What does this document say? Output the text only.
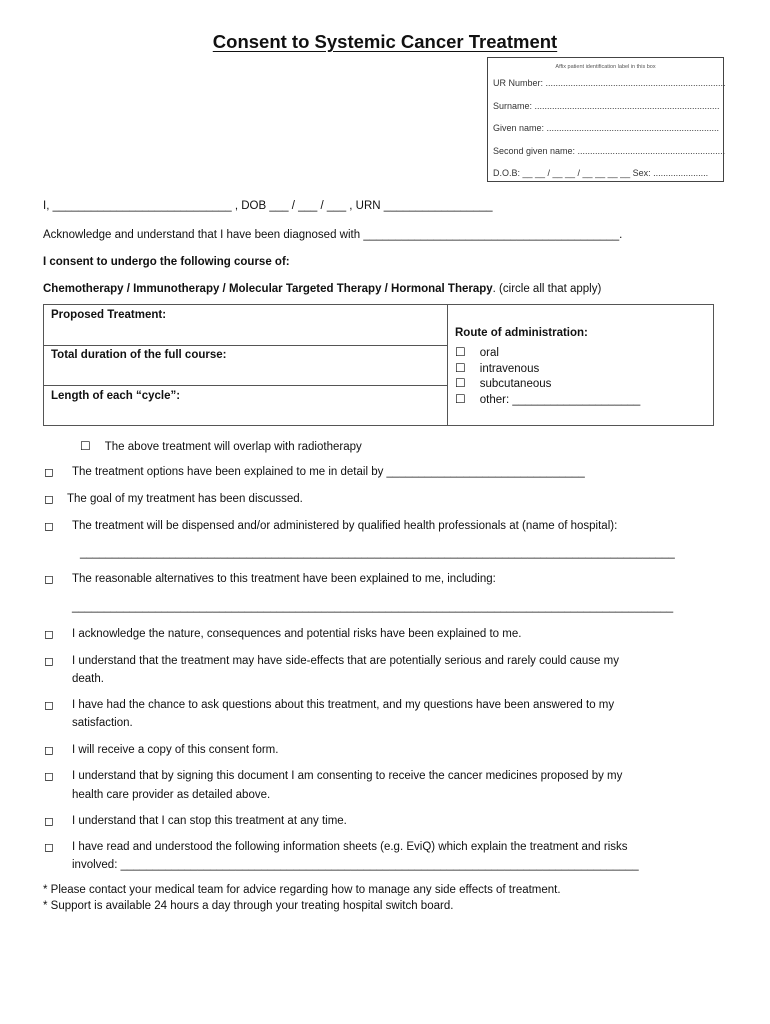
Consent to Systemic Cancer Treatment
Affix patient identification label in this box
UR Number: ........................................................................
Surname: ..........................................................................
Given name: .....................................................................
Second given name: ...........................................................
D.O.B: __ __ / __ __ / __ __ __ __ Sex: ......................
I, ____________________________ , DOB ___ / ___ / ___ , URN _________________
Acknowledge and understand that I have been diagnosed with ________________________________________.
I consent to undergo the following course of:
Chemotherapy / Immunotherapy / Molecular Targeted Therapy / Hormonal Therapy. (circle all that apply)
Proposed Treatment:
Total duration of the full course:
Length of each “cycle”:
Route of administration:
☐ oral
☐ intravenous
☐ subcutaneous
☐ other: ____________________
☐ The above treatment will overlap with radiotherapy
◻ The treatment options have been explained to me in detail by _______________________________
◻ The goal of my treatment has been discussed.
◻ The treatment will be dispensed and/or administered by qualified health professionals at (name of hospital):
_____________________________________________________________________________________________
◻ The reasonable alternatives to this treatment have been explained to me, including:
______________________________________________________________________________________________
◻ I acknowledge the nature, consequences and potential risks have been explained to me.
◻ I understand that the treatment may have side-effects that are potentially serious and rarely could cause my
death.
◻ I have had the chance to ask questions about this treatment, and my questions have been answered to my
satisfaction.
◻ I will receive a copy of this consent form.
◻ I understand that by signing this document I am consenting to receive the cancer medicines proposed by my
health care provider as detailed above.
◻ I understand that I can stop this treatment at any time.
◻ I have read and understood the following information sheets (e.g. EviQ) which explain the treatment and risks
involved: _________________________________________________________________________________
* Please contact your medical team for advice regarding how to manage any side effects of treatment.
* Support is available 24 hours a day through your treating hospital switch board.
